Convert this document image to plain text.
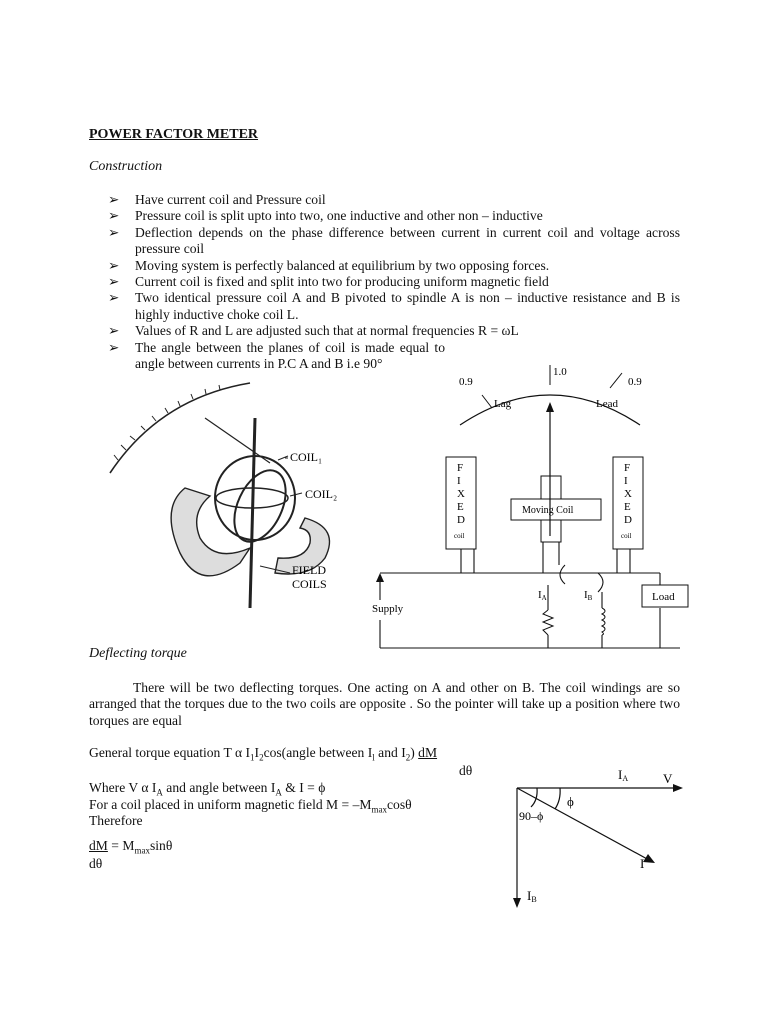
POWER FACTOR METER
Construction
➢ Have current coil and Pressure coil
➢ Pressure coil is split upto into two, one inductive and other non – inductive
➢ Deflection depends on the phase difference between current in current coil and voltage across pressure coil
➢ Moving system is perfectly balanced at equilibrium by two opposing forces.
➢ Current coil is fixed and split into two for producing uniform magnetic field
➢ Two identical pressure coil A and B pivoted to spindle A is non – inductive resistance and B is highly inductive choke coil L.
➢ Values of R and L are adjusted such that at normal frequencies R = ωL
➢ The angle between the planes of coil is made equal to angle between currents in P.C A and B i.e 90°
COIL₁
COIL₂
FIELD
COILS
0.9
1.0
0.9
Lag	Lead
F
I
X
E
D
F
I
X
E
D
coil	coil
Moving Coil
Supply
IA	IB	Load
Deflecting torque
There will be two deflecting torques. One acting on A and other on B. The coil windings are so arranged that the torques due to the two coils are opposite . So the pointer will take up a position where two torques are equal
General torque equation T α $I_1I_2\cos(angle$ between $I_l$ and $I_2$) dM
dθ
Where V α $I_A$ and angle between $I_A$ & I = ϕ
For a coil placed in uniform magnetic field $M = -M_{max}\cos\theta$
Therefore
dM = $M_{max}\sin\theta$
dθ
IA	V
ϕ
90–ϕ
I
IB
